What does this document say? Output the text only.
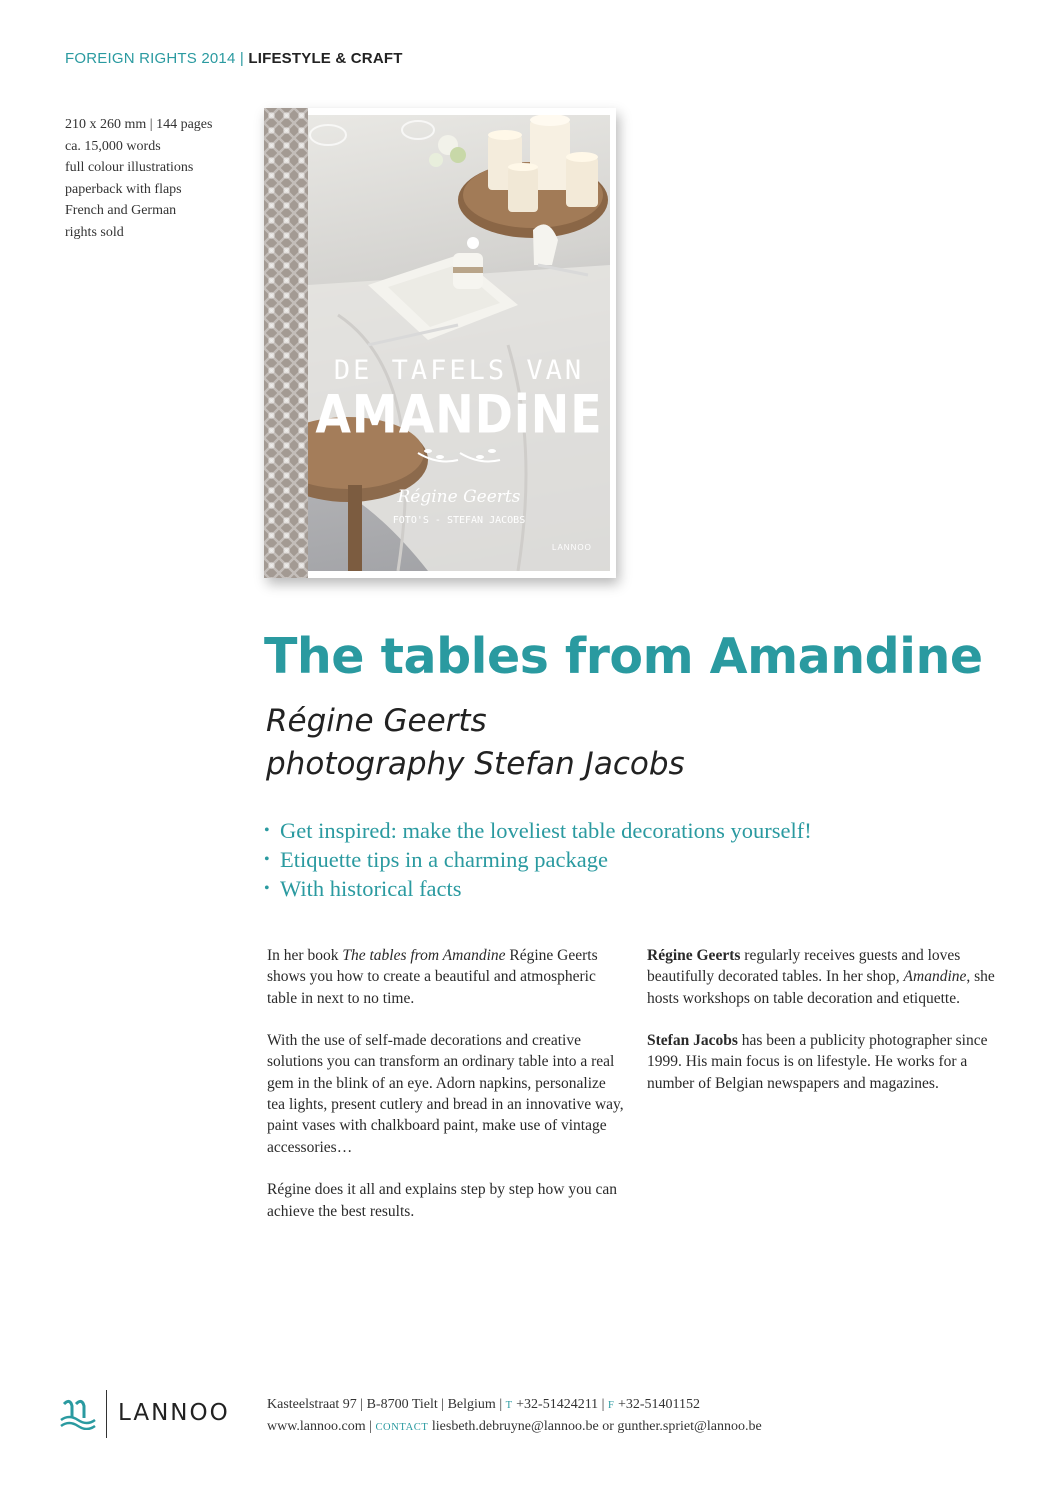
FOREIGN RIGHTS 2014 | LIFESTYLE & CRAFT
210 x 260 mm | 144 pages
ca. 15,000 words
full colour illustrations
paperback with flaps
French and German
rights sold
DE TAFELS VAN
AMANDiNE
Régine Geerts
FOTO'S - STEFAN JACOBS
LANNOO
The tables from Amandine
Régine Geerts
photography Stefan Jacobs
• Get inspired: make the loveliest table decorations yourself!
• Etiquette tips in a charming package
• With historical facts

In her book The tables from Amandine Régine Geerts shows you how to create a beautiful and atmospheric table in next to no time.

With the use of self-made decorations and creative solutions you can transform an ordinary table into a real gem in the blink of an eye. Adorn napkins, personalize tea lights, present cutlery and bread in an innovative way, paint vases with chalkboard paint, make use of vintage accessories…

Régine does it all and explains step by step how you can achieve the best results.

Régine Geerts regularly receives guests and loves beautifully decorated tables. In her shop, Amandine, she hosts workshops on table decoration and etiquette.

Stefan Jacobs has been a publicity photographer since 1999. His main focus is on lifestyle. He works for a number of Belgian newspapers and magazines.

LANNOO	Kasteelstraat 97 | B-8700 Tielt | Belgium | T +32-51424211 | F +32-51401152
www.lannoo.com | CONTACT liesbeth.debruyne@lannoo.be or gunther.spriet@lannoo.be
